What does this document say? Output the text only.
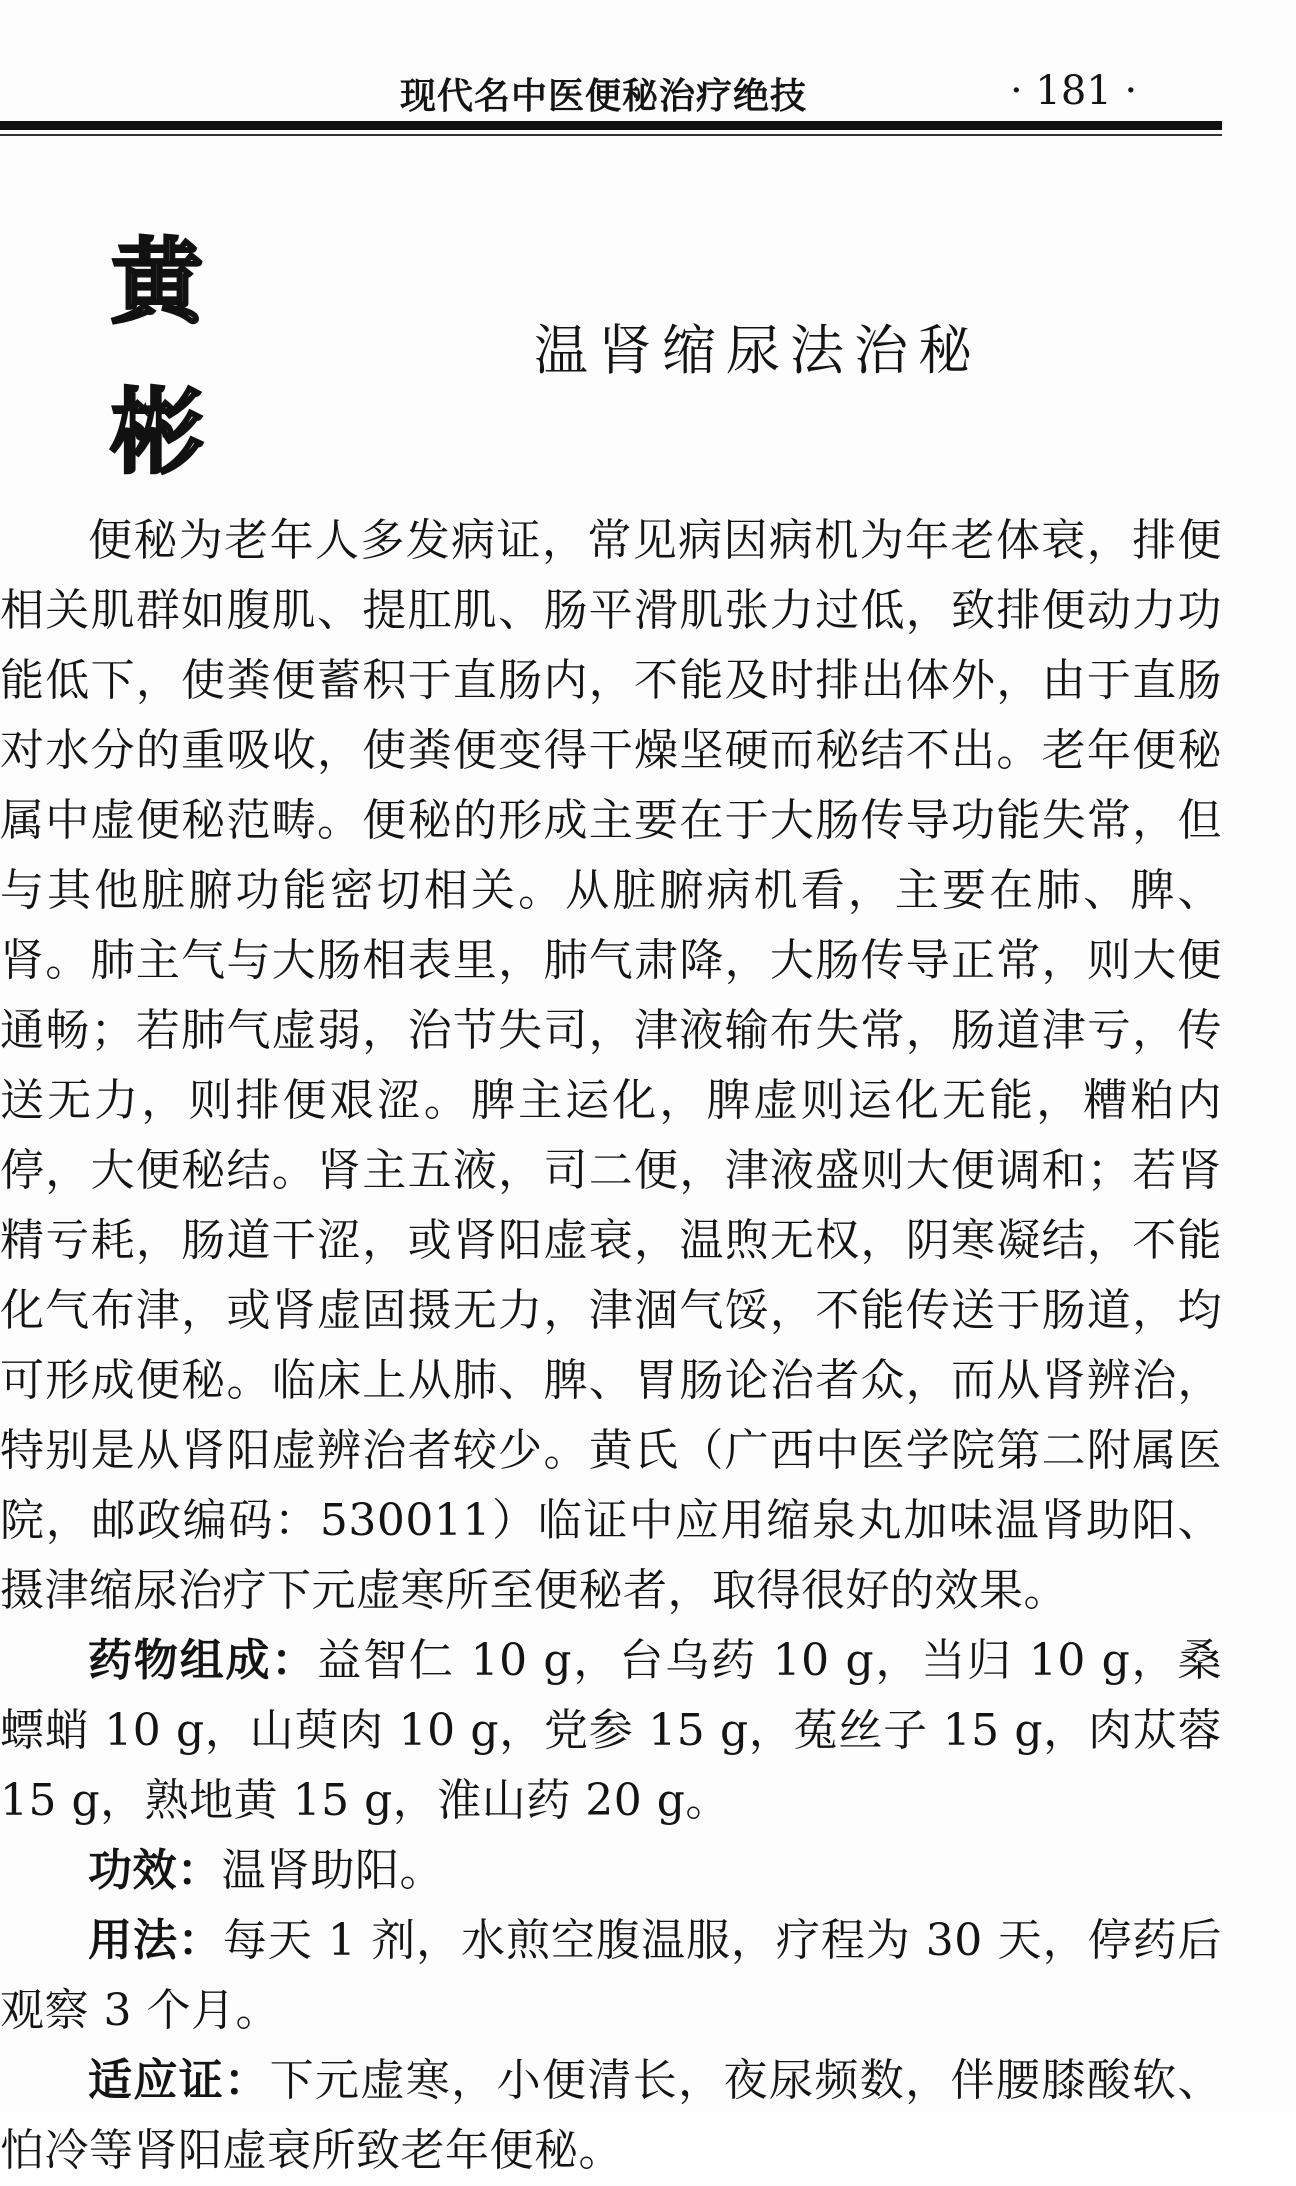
现代名中医便秘治疗绝技	· 181 ·
黄
彬
温肾缩尿法治秘

便秘为老年人多发病证，常见病因病机为年老体衰，排便相关肌群如腹肌、提肛肌、肠平滑肌张力过低，致排便动力功能低下，使粪便蓄积于直肠内，不能及时排出体外，由于直肠对水分的重吸收，使粪便变得干燥坚硬而秘结不出。老年便秘属中虚便秘范畴。便秘的形成主要在于大肠传导功能失常，但与其他脏腑功能密切相关。从脏腑病机看，主要在肺、脾、肾。肺主气与大肠相表里，肺气肃降，大肠传导正常，则大便通畅；若肺气虚弱，治节失司，津液输布失常，肠道津亏，传送无力，则排便艰涩。脾主运化，脾虚则运化无能，糟粕内停，大便秘结。肾主五液，司二便，津液盛则大便调和；若肾精亏耗，肠道干涩，或肾阳虚衰，温煦无权，阴寒凝结，不能化气布津，或肾虚固摄无力，津涸气馁，不能传送于肠道，均可形成便秘。临床上从肺、脾、胃肠论治者众，而从肾辨治，特别是从肾阳虚辨治者较少。黄氏（广西中医学院第二附属医院，邮政编码：530011）临证中应用缩泉丸加味温肾助阳、摄津缩尿治疗下元虚寒所至便秘者，取得很好的效果。

药物组成：益智仁 10 g，台乌药 10 g，当归 10 g，桑螵蛸 10 g，山萸肉 10 g，党参 15 g，菟丝子 15 g，肉苁蓉 15 g，熟地黄 15 g，淮山药 20 g。

功效：温肾助阳。

用法：每天 1 剂，水煎空腹温服，疗程为 30 天，停药后观察 3 个月。

适应证：下元虚寒，小便清长，夜尿频数，伴腰膝酸软、怕冷等肾阳虚衰所致老年便秘。
